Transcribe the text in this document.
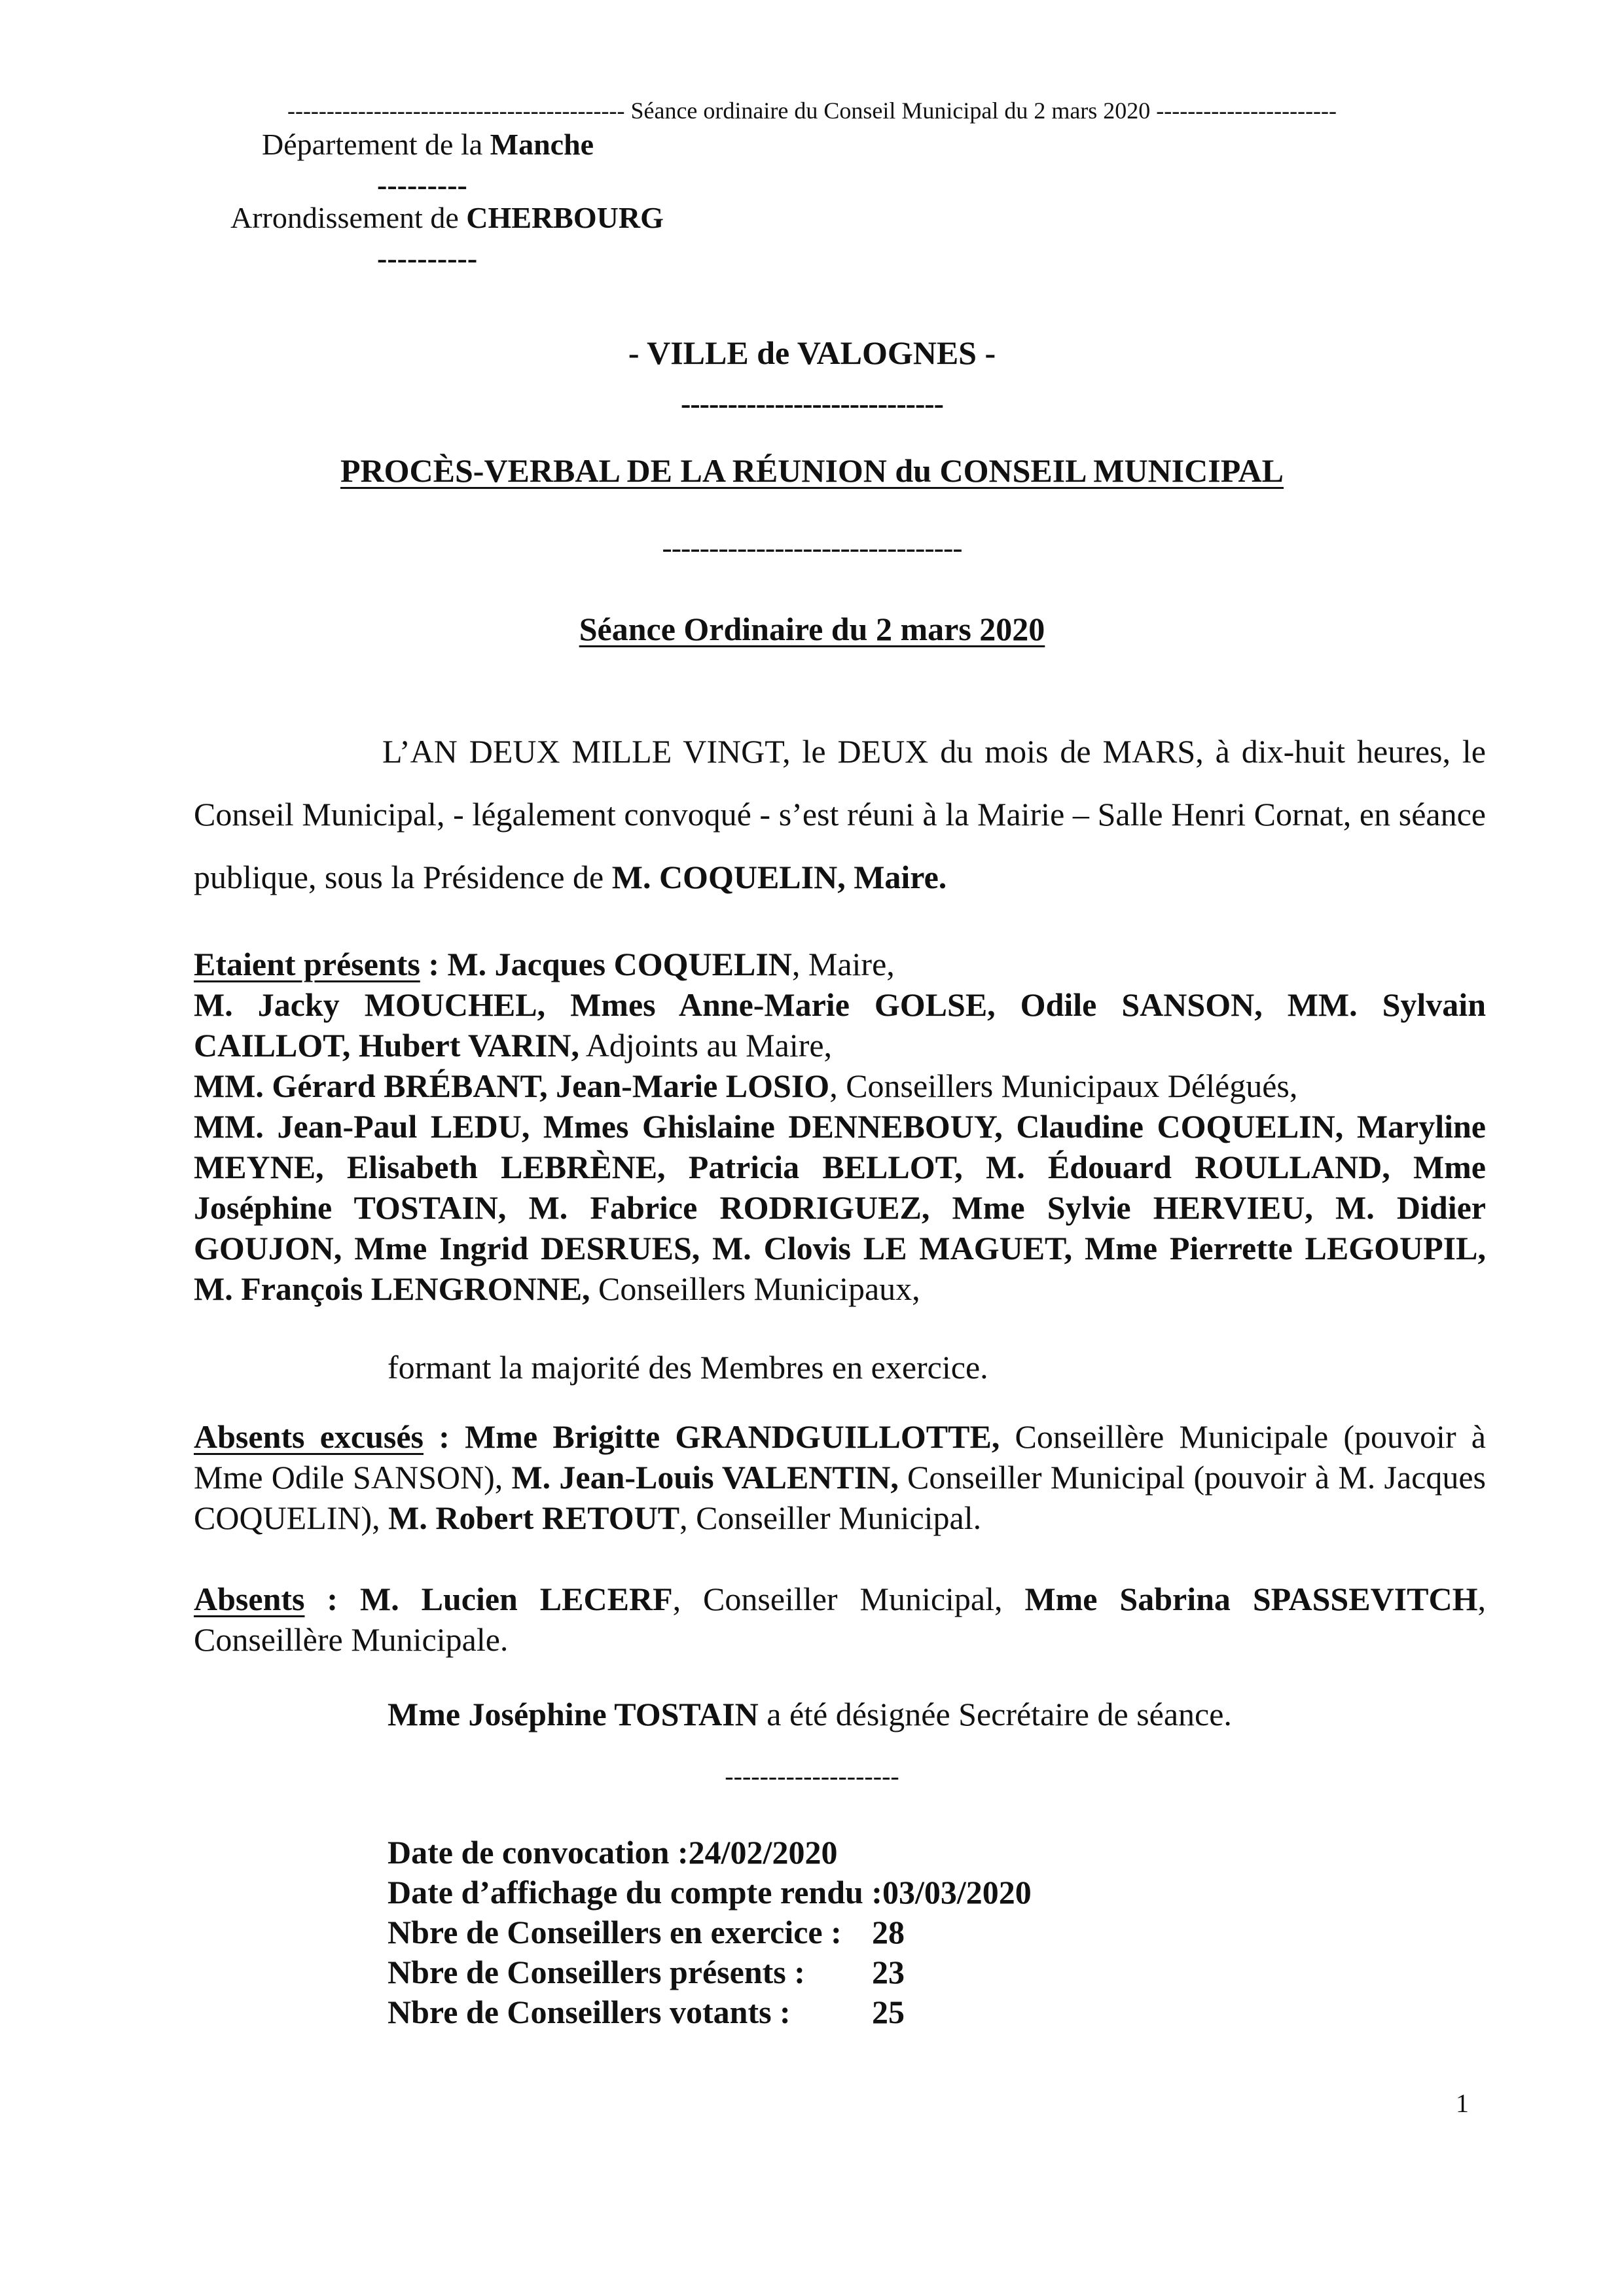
------------------------------------------- Séance ordinaire du Conseil Municipal du 2 mars 2020 -----------------------
Département de la Manche
---------
Arrondissement de CHERBOURG
----------
- VILLE de VALOGNES -
----------------------------
PROCÈS-VERBAL DE LA RÉUNION du CONSEIL MUNICIPAL
--------------------------------
Séance Ordinaire du 2 mars 2020
L’AN DEUX MILLE VINGT, le DEUX du mois de MARS, à dix-huit heures, le Conseil Municipal, - légalement convoqué - s’est réuni à la Mairie – Salle Henri Cornat, en séance publique, sous la Présidence de M. COQUELIN, Maire.
Etaient présents : M. Jacques COQUELIN, Maire,
M. Jacky MOUCHEL, Mmes Anne-Marie GOLSE, Odile SANSON, MM. Sylvain CAILLOT, Hubert VARIN, Adjoints au Maire,
MM. Gérard BRÉBANT, Jean-Marie LOSIO, Conseillers Municipaux Délégués,
MM. Jean-Paul LEDU, Mmes Ghislaine DENNEBOUY, Claudine COQUELIN, Maryline MEYNE, Elisabeth LEBRÈNE, Patricia BELLOT, M. Édouard ROULLAND, Mme Joséphine TOSTAIN, M. Fabrice RODRIGUEZ, Mme Sylvie HERVIEU, M. Didier GOUJON, Mme Ingrid DESRUES, M. Clovis LE MAGUET, Mme Pierrette LEGOUPIL, M. François LENGRONNE, Conseillers Municipaux,
formant la majorité des Membres en exercice.
Absents excusés : Mme Brigitte GRANDGUILLOTTE, Conseillère Municipale (pouvoir à Mme Odile SANSON), M. Jean-Louis VALENTIN, Conseiller Municipal (pouvoir à M. Jacques COQUELIN), M. Robert RETOUT, Conseiller Municipal.
Absents : M. Lucien LECERF, Conseiller Municipal, Mme Sabrina SPASSEVITCH, Conseillère Municipale.
Mme Joséphine TOSTAIN a été désignée Secrétaire de séance.
--------------------
Date de convocation : 24/02/2020
Date d’affichage du compte rendu : 03/03/2020
Nbre de Conseillers en exercice : 28
Nbre de Conseillers présents :	23
Nbre de Conseillers votants :	25
1
